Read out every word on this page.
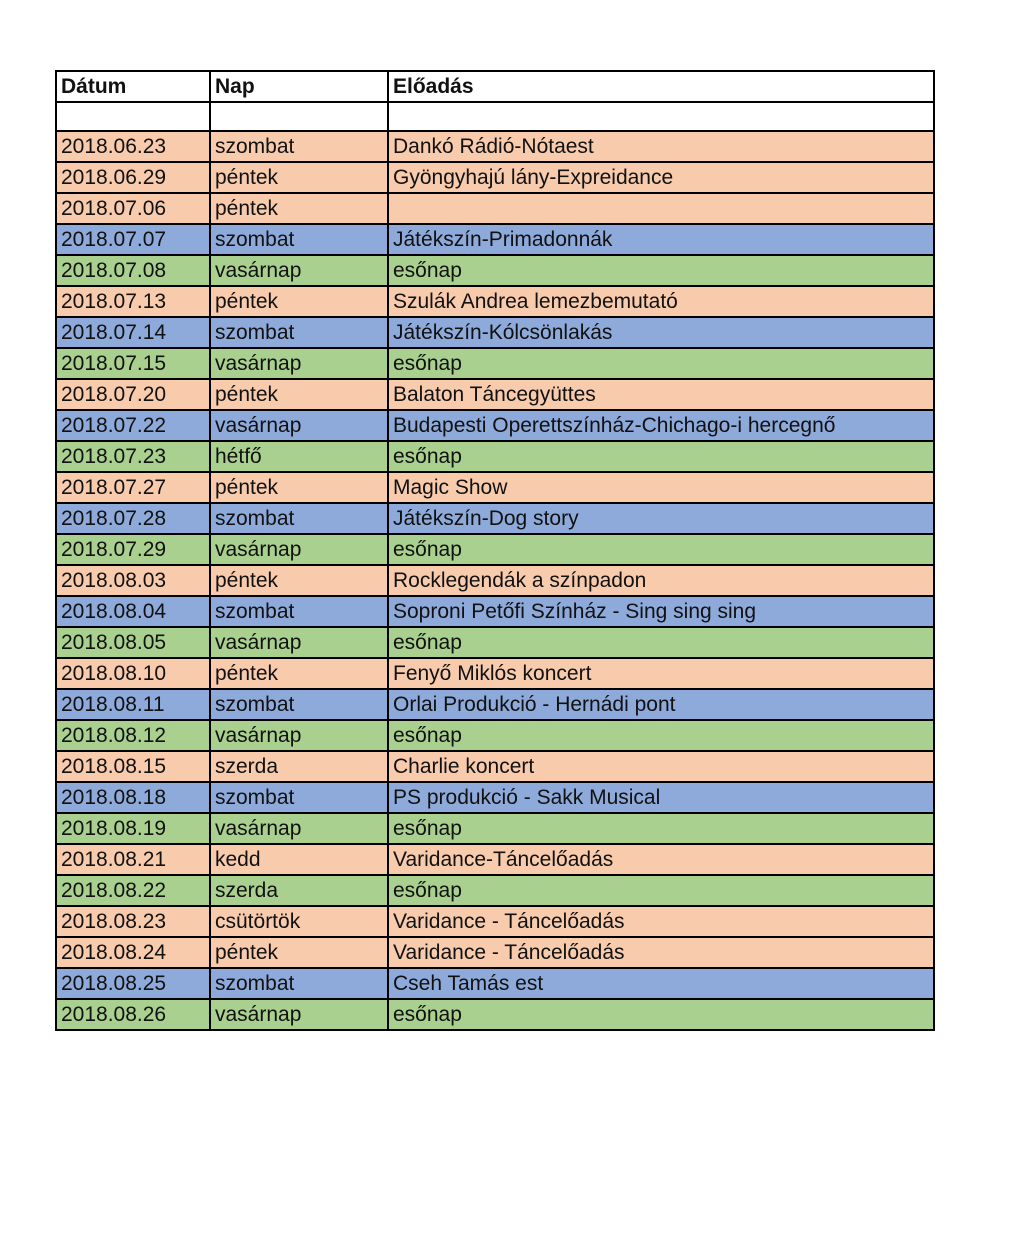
Dátum	Nap	Előadás

2018.06.23	szombat	Dankó Rádió-Nótaest
2018.06.29	péntek	Gyöngyhajú lány-Expreidance
2018.07.06	péntek	
2018.07.07	szombat	Játékszín-Primadonnák
2018.07.08	vasárnap	esőnap
2018.07.13	péntek	Szulák Andrea lemezbemutató
2018.07.14	szombat	Játékszín-Kólcsönlakás
2018.07.15	vasárnap	esőnap
2018.07.20	péntek	Balaton Táncegyüttes
2018.07.22	vasárnap	Budapesti Operettszínház-Chichago-i hercegnő
2018.07.23	hétfő	esőnap
2018.07.27	péntek	Magic Show
2018.07.28	szombat	Játékszín-Dog story
2018.07.29	vasárnap	esőnap
2018.08.03	péntek	Rocklegendák a színpadon
2018.08.04	szombat	Soproni Petőfi Színház - Sing sing sing
2018.08.05	vasárnap	esőnap
2018.08.10	péntek	Fenyő Miklós koncert
2018.08.11	szombat	Orlai Produkció - Hernádi pont
2018.08.12	vasárnap	esőnap
2018.08.15	szerda	Charlie koncert
2018.08.18	szombat	PS produkció - Sakk Musical
2018.08.19	vasárnap	esőnap
2018.08.21	kedd	Varidance-Táncelőadás
2018.08.22	szerda	esőnap
2018.08.23	csütörtök	Varidance - Táncelőadás
2018.08.24	péntek	Varidance - Táncelőadás
2018.08.25	szombat	Cseh Tamás est
2018.08.26	vasárnap	esőnap
